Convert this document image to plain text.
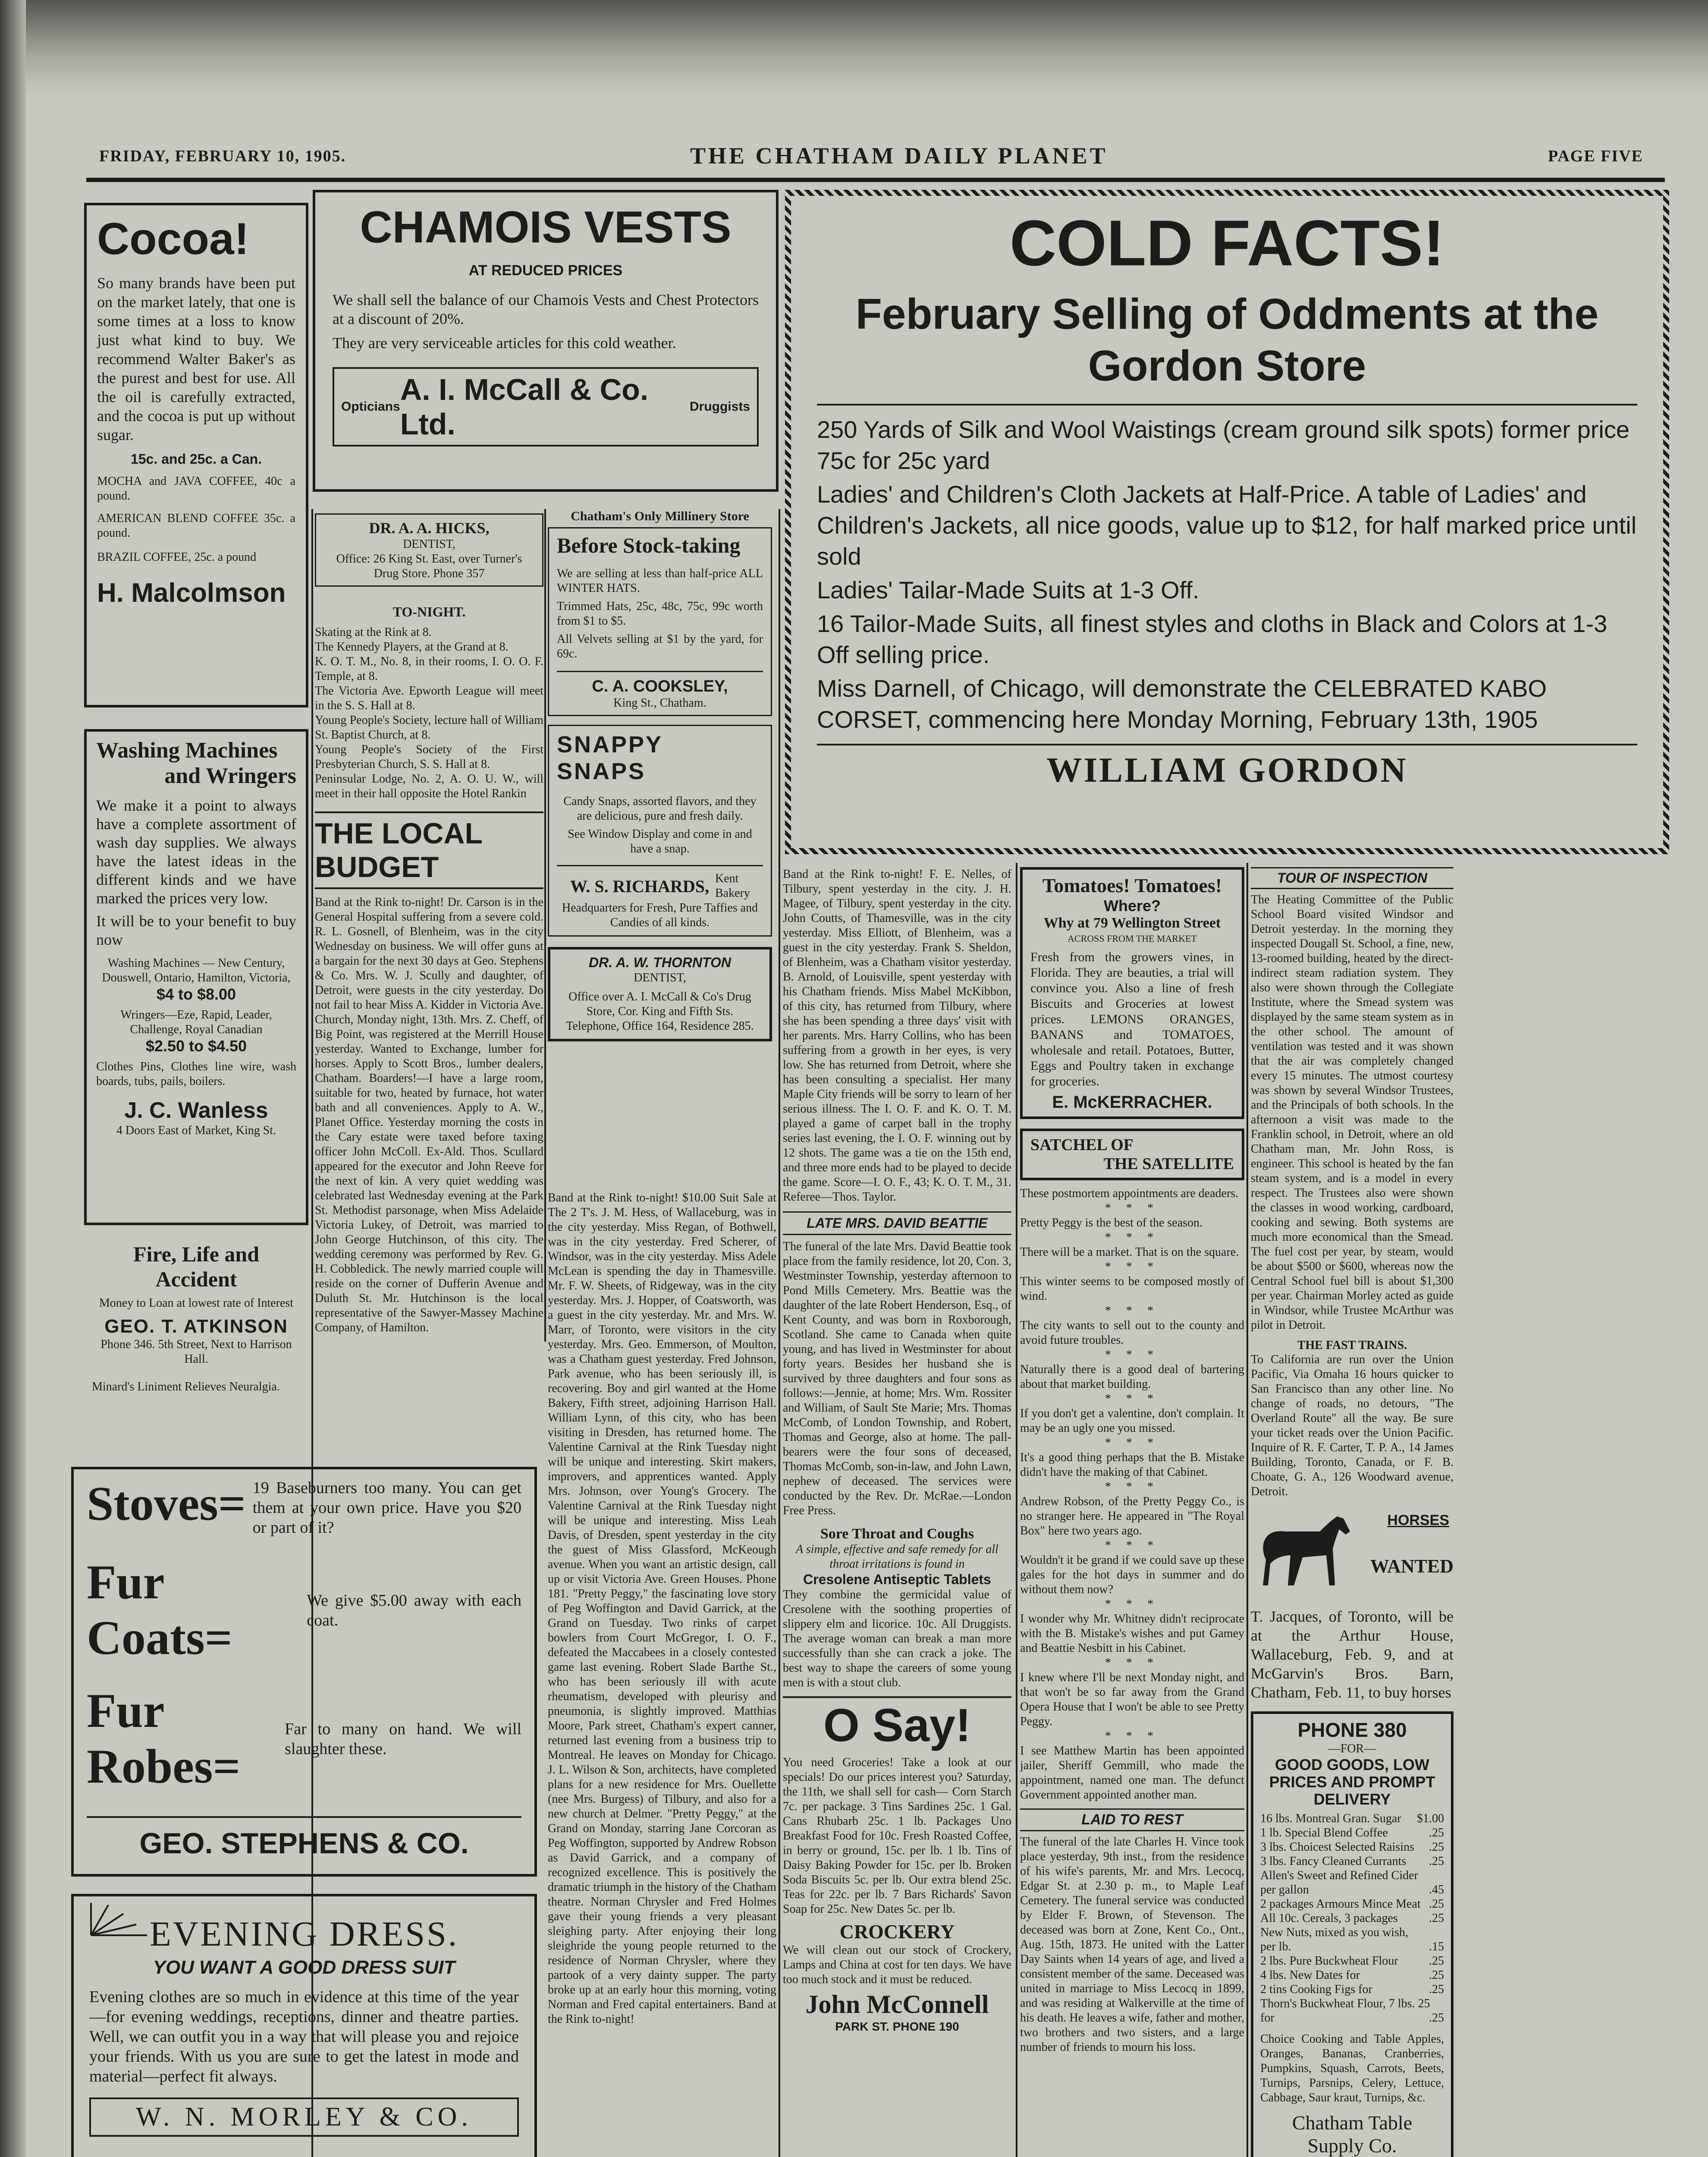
FRIDAY, FEBRUARY 10, 1905.	THE CHATHAM DAILY PLANET	PAGE FIVE
Cocoa!
So many brands have been put on the market lately, that one is some times at a loss to know just what kind to buy. We recommend Walter Baker's as the purest and best for use. All the oil is carefully extracted, and the cocoa is put up without sugar.
15c. and 25c. a Can.
MOCHA and JAVA COFFEE, 40c a pound.
AMERICAN BLEND COFFEE 35c. a pound.
BRAZIL COFFEE, 25c. a pound
H. Malcolmson
Washing Machines
and Wringers
We make it a point to always have a complete assortment of wash day supplies. We always have the latest ideas in the different kinds and we have marked the prices very low.
It will be to your benefit to buy now
Washing Machines — New Century, Douswell, Ontario, Hamilton, Victoria,
$4 to $8.00
Wringers—Eze, Rapid, Leader, Challenge, Royal Canadian
$2.50 to $4.50
Clothes Pins, Clothes line wire, wash boards, tubs, pails, boilers.
J. C. Wanless
4 Doors East of Market, King St.
Fire, Life and Accident
Money to Loan at lowest rate of Interest
GEO. T. ATKINSON
Phone 346. 5th Street, Next to Harrison Hall.
Minard's Liniment Relieves Neuralgia.
CHAMOIS VESTS
AT REDUCED PRICES
We shall sell the balance of our Chamois Vests and Chest Protectors at a discount of 20%.
They are very serviceable articles for this cold weather.
Opticians
A. I. McCall & Co. Ltd.
Druggists
COLD FACTS!
February Selling of Oddments at the Gordon Store
250 Yards of Silk and Wool Waistings (cream ground silk spots) former price 75c for 25c yard
Ladies' and Children's Cloth Jackets at Half-Price. A table of Ladies' and Children's Jackets, all nice goods, value up to $12, for half marked price until sold
Ladies' Tailar-Made Suits at 1-3 Off.
16 Tailor-Made Suits, all finest styles and cloths in Black and Colors at 1-3 Off selling price.
Miss Darnell, of Chicago, will demonstrate the CELEBRATED KABO CORSET, commencing here Monday Morning, February 13th, 1905
WILLIAM GORDON
DR. A. A. HICKS,
DENTIST,
Office: 26 King St. East, over Turner's Drug Store. Phone 357
TO-NIGHT.
Skating at the Rink at 8.
The Kennedy Players, at the Grand at 8.
K. O. T. M., No. 8, in their rooms, I. O. O. F. Temple, at 8.
The Victoria Ave. Epworth League will meet in the S. S. Hall at 8.
Young People's Society, lecture hall of William St. Baptist Church, at 8.
Young People's Society of the First Presbyterian Church, S. S. Hall at 8.
Peninsular Lodge, No. 2, A. O. U. W., will meet in their hall opposite the Hotel Rankin
THE LOCAL BUDGET
Band at the Rink to-night! Dr. Carson is in the General Hospital suffering from a severe cold. R. L. Gosnell, of Blenheim, was in the city Wednesday on business. We will offer guns at a bargain for the next 30 days at Geo. Stephens & Co. Mrs. W. J. Scully and daughter, of Detroit, were guests in the city yesterday. Do not fail to hear Miss A. Kidder in Victoria Ave. Church, Monday night, 13th. Mrs. Z. Cheff, of Big Point, was registered at the Merrill House yesterday. Wanted to Exchange, lumber for horses. Apply to Scott Bros., lumber dealers, Chatham. Boarders!—I have a large room, suitable for two, heated by furnace, hot water bath and all conveniences. Apply to A. W., Planet Office. Yesterday morning the costs in the Cary estate were taxed before taxing officer John McColl. Ex-Ald. Thos. Scullard appeared for the executor and John Reeve for the next of kin. A very quiet wedding was celebrated last Wednesday evening at the Park St. Methodist parsonage, when Miss Adelaide Victoria Lukey, of Detroit, was married to John George Hutchinson, of this city. The wedding ceremony was performed by Rev. G. H. Cobbledick. The newly married couple will reside on the corner of Dufferin Avenue and Duluth St. Mr. Hutchinson is the local representative of the Sawyer-Massey Machine Company, of Hamilton.
Chatham's Only Millinery Store
Before Stock-taking
We are selling at less than half-price ALL WINTER HATS.
Trimmed Hats, 25c, 48c, 75c, 99c worth from $1 to $5.
All Velvets selling at $1 by the yard, for 69c.
C. A. COOKSLEY,
King St., Chatham.
SNAPPY
SNAPS
Candy Snaps, assorted flavors, and they are delicious, pure and fresh daily.
See Window Display and come in and have a snap.
W. S. RICHARDS, Kent Bakery
Headquarters for Fresh, Pure Taffies and Candies of all kinds.
DR. A. W. THORNTON
DENTIST,
Office over A. I. McCall & Co's Drug Store, Cor. King and Fifth Sts. Telephone, Office 164, Residence 285.
Band at the Rink to-night! $10.00 Suit Sale at The 2 T's. J. M. Hess, of Wallaceburg, was in the city yesterday. Miss Regan, of Bothwell, was in the city yesterday. Fred Scherer, of Windsor, was in the city yesterday. Miss Adele McLean is spending the day in Thamesville. Mr. F. W. Sheets, of Ridgeway, was in the city yesterday. Mrs. J. Hopper, of Coatsworth, was a guest in the city yesterday. Mr. and Mrs. W. Marr, of Toronto, were visitors in the city yesterday. Mrs. Geo. Emmerson, of Moulton, was a Chatham guest yesterday. Fred Johnson, Park avenue, who has been seriously ill, is recovering. Boy and girl wanted at the Home Bakery, Fifth street, adjoining Harrison Hall. William Lynn, of this city, who has been visiting in Dresden, has returned home. The Valentine Carnival at the Rink Tuesday night will be unique and interesting. Skirt makers, improvers, and apprentices wanted. Apply Mrs. Johnson, over Young's Grocery. The Valentine Carnival at the Rink Tuesday night will be unique and interesting. Miss Leah Davis, of Dresden, spent yesterday in the city the guest of Miss Glassford, McKeough avenue. When you want an artistic design, call up or visit Victoria Ave. Green Houses. Phone 181. "Pretty Peggy," the fascinating love story of Peg Woffington and David Garrick, at the Grand on Tuesday. Two rinks of carpet bowlers from Court McGregor, I. O. F., defeated the Maccabees in a closely contested game last evening. Robert Slade Barthe St., who has been seriously ill with acute rheumatism, developed with pleurisy and pneumonia, is slightly improved. Matthias Moore, Park street, Chatham's expert canner, returned last evening from a business trip to Montreal. He leaves on Monday for Chicago. J. L. Wilson & Son, architects, have completed plans for a new residence for Mrs. Ouellette (nee Mrs. Burgess) of Tilbury, and also for a new church at Delmer. "Pretty Peggy," at the Grand on Monday, starring Jane Corcoran as Peg Woffington, supported by Andrew Robson as David Garrick, and a company of recognized excellence. This is positively the dramatic triumph in the history of the Chatham theatre. Norman Chrysler and Fred Holmes gave their young friends a very pleasant sleighing party. After enjoying their long sleighride the young people returned to the residence of Norman Chrysler, where they partook of a very dainty supper. The party broke up at an early hour this morning, voting Norman and Fred capital entertainers. Band at the Rink to-night!
Band at the Rink to-night! F. E. Nelles, of Tilbury, spent yesterday in the city. J. H. Magee, of Tilbury, spent yesterday in the city. John Coutts, of Thamesville, was in the city yesterday. Miss Elliott, of Blenheim, was a guest in the city yesterday. Frank S. Sheldon, of Blenheim, was a Chatham visitor yesterday. B. Arnold, of Louisville, spent yesterday with his Chatham friends. Miss Mabel McKibbon, of this city, has returned from Tilbury, where she has been spending a three days' visit with her parents. Mrs. Harry Collins, who has been suffering from a growth in her eyes, is very low. She has returned from Detroit, where she has been consulting a specialist. Her many Maple City friends will be sorry to learn of her serious illness. The I. O. F. and K. O. T. M. played a game of carpet ball in the trophy series last evening, the I. O. F. winning out by 12 shots. The game was a tie on the 15th end, and three more ends had to be played to decide the game. Score—I. O. F., 43; K. O. T. M., 31. Referee—Thos. Taylor.
LATE MRS. DAVID BEATTIE
The funeral of the late Mrs. David Beattie took place from the family residence, lot 20, Con. 3, Westminster Township, yesterday afternoon to Pond Mills Cemetery. Mrs. Beattie was the daughter of the late Robert Henderson, Esq., of Kent County, and was born in Roxborough, Scotland. She came to Canada when quite young, and has lived in Westminster for about forty years. Besides her husband she is survived by three daughters and four sons as follows:—Jennie, at home; Mrs. Wm. Rossiter and William, of Sault Ste Marie; Mrs. Thomas McComb, of London Township, and Robert, Thomas and George, also at home. The pall-bearers were the four sons of deceased, Thomas McComb, son-in-law, and John Lawn, nephew of deceased. The services were conducted by the Rev. Dr. McRae.—London Free Press.
Sore Throat and Coughs
A simple, effective and safe remedy for all throat irritations is found in
Cresolene Antiseptic Tablets
They combine the germicidal value of Cresolene with the soothing properties of slippery elm and licorice. 10c. All Druggists. The average woman can break a man more successfully than she can crack a joke. The best way to shape the careers of some young men is with a stout club.
O Say!
You need Groceries! Take a look at our specials! Do our prices interest you? Saturday, the 11th, we shall sell for cash— Corn Starch 7c. per package. 3 Tins Sardines 25c. 1 Gal. Cans Rhubarb 25c. 1 lb. Packages Uno Breakfast Food for 10c. Fresh Roasted Coffee, in berry or ground, 15c. per lb. 1 lb. Tins of Daisy Baking Powder for 15c. per lb. Broken Soda Biscuits 5c. per lb. Our extra blend 25c. Teas for 22c. per lb. 7 Bars Richards' Savon Soap for 25c. New Dates 5c. per lb.
CROCKERY
We will clean out our stock of Crockery, Lamps and China at cost for ten days. We have too much stock and it must be reduced.
John McConnell
PARK ST. PHONE 190
Tomatoes! Tomatoes!
Where?
Why at 79 Wellington Street
ACROSS FROM THE MARKET
Fresh from the growers vines, in Florida. They are beauties, a trial will convince you. Also a line of fresh Biscuits and Groceries at lowest prices. LEMONS ORANGES, BANANS and TOMATOES, wholesale and retail. Potatoes, Butter, Eggs and Poultry taken in exchange for groceries.
E. McKERRACHER.
SATCHEL OF
THE SATELLITE
These postmortem appointments are deaders.
* * *
Pretty Peggy is the best of the season.
* * *
There will be a market. That is on the square.
* * *
This winter seems to be composed mostly of wind.
* * *
The city wants to sell out to the county and avoid future troubles.
* * *
Naturally there is a good deal of bartering about that market building.
* * *
If you don't get a valentine, don't complain. It may be an ugly one you missed.
* * *
It's a good thing perhaps that the B. Mistake didn't have the making of that Cabinet.
* * *
Andrew Robson, of the Pretty Peggy Co., is no stranger here. He appeared in "The Royal Box" here two years ago.
* * *
Wouldn't it be grand if we could save up these gales for the hot days in summer and do without them now?
* * *
I wonder why Mr. Whitney didn't reciprocate with the B. Mistake's wishes and put Gamey and Beattie Nesbitt in his Cabinet.
* * *
I knew where I'll be next Monday night, and that won't be so far away from the Grand Opera House that I won't be able to see Pretty Peggy.
* * *
I see Matthew Martin has been appointed jailer, Sheriff Gemmill, who made the appointment, named one man. The defunct Government appointed another man.
LAID TO REST
The funeral of the late Charles H. Vince took place yesterday, 9th inst., from the residence of his wife's parents, Mr. and Mrs. Lecocq, Edgar St. at 2.30 p. m., to Maple Leaf Cemetery. The funeral service was conducted by Elder F. Brown, of Stevenson. The deceased was born at Zone, Kent Co., Ont., Aug. 15th, 1873. He united with the Latter Day Saints when 14 years of age, and lived a consistent member of the same. Deceased was united in marriage to Miss Lecocq in 1899, and was residing at Walkerville at the time of his death. He leaves a wife, father and mother, two brothers and two sisters, and a large number of friends to mourn his loss.
TOUR OF INSPECTION
The Heating Committee of the Public School Board visited Windsor and Detroit yesterday. In the morning they inspected Dougall St. School, a fine, new, 13-roomed building, heated by the direct-indirect steam radiation system. They also were shown through the Collegiate Institute, where the Smead system was displayed by the same steam system as in the other school. The amount of ventilation was tested and it was shown that the air was completely changed every 15 minutes. The utmost courtesy was shown by several Windsor Trustees, and the Principals of both schools. In the afternoon a visit was made to the Franklin school, in Detroit, where an old Chatham man, Mr. John Ross, is engineer. This school is heated by the fan steam system, and is a model in every respect. The Trustees also were shown the classes in wood working, cardboard, cooking and sewing. Both systems are much more economical than the Smead. The fuel cost per year, by steam, would be about $500 or $600, whereas now the Central School fuel bill is about $1,300 per year. Chairman Morley acted as guide in Windsor, while Trustee McArthur was pilot in Detroit.
THE FAST TRAINS.
To California are run over the Union Pacific, Via Omaha 16 hours quicker to San Francisco than any other line. No change of roads, no detours, "The Overland Route" all the way. Be sure your ticket reads over the Union Pacific. Inquire of R. F. Carter, T. P. A., 14 James Building, Toronto, Canada, or F. B. Choate, G. A., 126 Woodward avenue, Detroit.
HORSES
WANTED
T. Jacques, of Toronto, will be at the Arthur House, Wallaceburg, Feb. 9, and at McGarvin's Bros. Barn, Chatham, Feb. 11, to buy horses
PHONE 380
—FOR—
GOOD GOODS, LOW PRICES AND PROMPT DELIVERY
16 lbs. Montreal Gran. Sugar $1.00
1 lb. Special Blend Coffee	.25
3 lbs. Choicest Selected Raisins .25
3 lbs. Fancy Cleaned Currants .25
Allen's Sweet and Refined Cider
per gallon	.45
2 packages Armours Mince Meat .25
All 10c. Cereals, 3 packages	.25
New Nuts, mixed as you wish,
per lb.	.15
2 lbs. Pure Buckwheat Flour	.25
4 lbs. New Dates for	.25
2 tins Cooking Figs for	.25
Thorn's Buckwheat Flour, 7 lbs. 25
for	.25
Choice Cooking and Table Apples, Oranges, Bananas, Cranberries, Pumpkins, Squash, Carrots, Beets, Turnips, Parsnips, Celery, Lettuce, Cabbage, Saur kraut, Turnips, &c.
Chatham Table
Supply Co.
Stoves= 19 Baseburners too many. You can get them at your own price. Have you $20 or part of it?
Fur Coats=
We give $5.00 away with each coat.
Fur Robes=
Far to many on hand. We will slaughter these.
GEO. STEPHENS & CO.
EVENING DRESS.
YOU WANT A GOOD DRESS SUIT
Evening clothes are so much in evidence at this time of the year—for evening weddings, receptions, dinner and theatre parties. Well, we can outfit you in a way that will please you and rejoice your friends. With us you are sure to get the latest in mode and material—perfect fit always.
W. N. MORLEY & CO.
